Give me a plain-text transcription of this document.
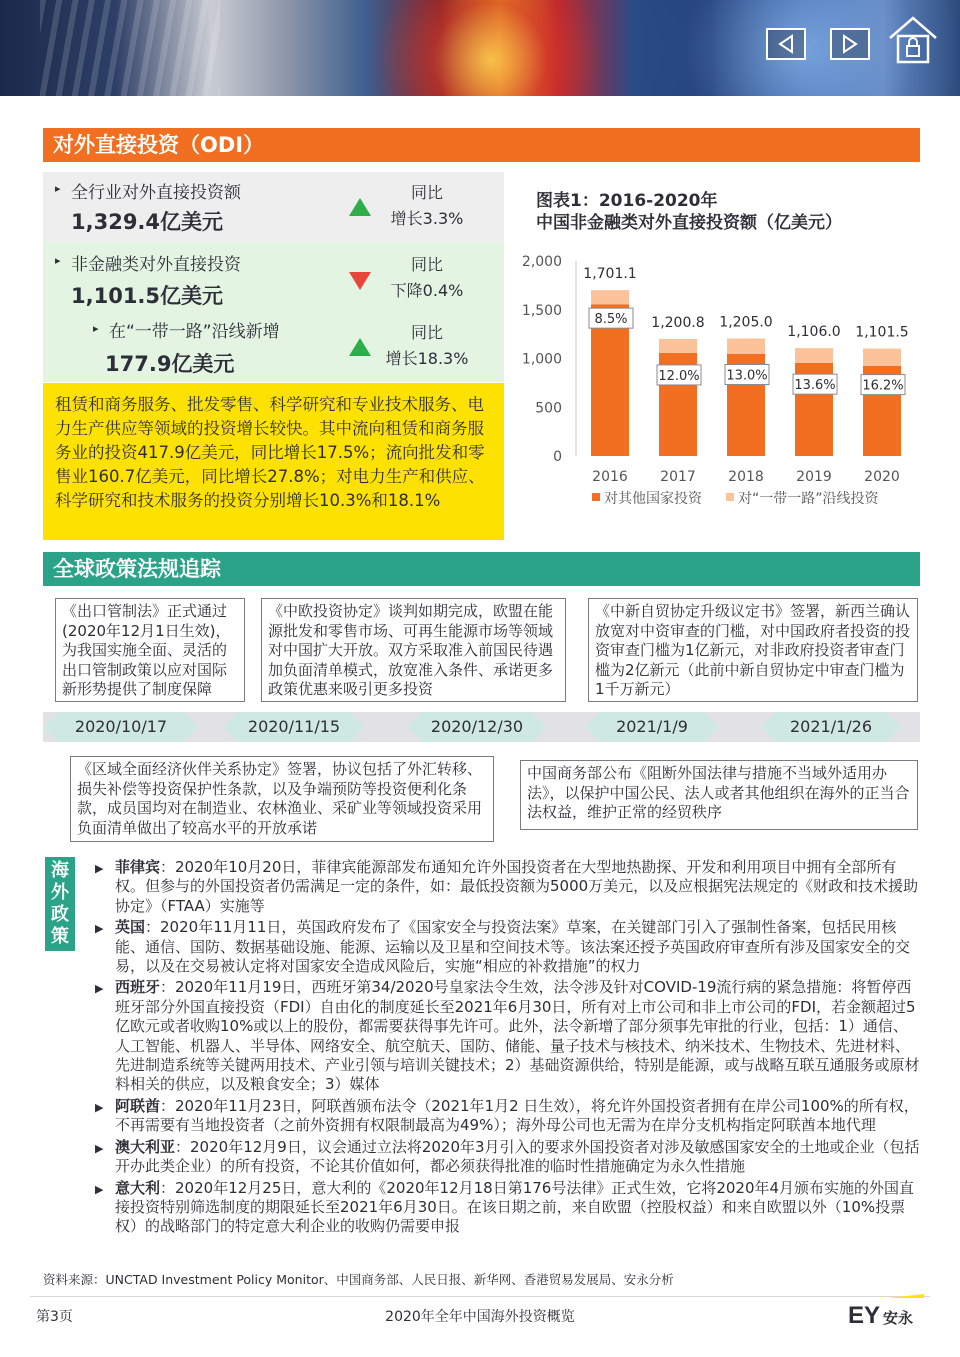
对外直接投资（ODI）
▸ 全行业对外直接投资额
1,329.4亿美元
同比
增长3.3%
▸ 非金融类对外直接投资
1,101.5亿美元
同比
下降0.4%
▸ 在“一带一路”沿线新增
177.9亿美元
同比
增长18.3%
租赁和商务服务、批发零售、科学研究和专业技术服务、电力生产供应等领域的投资增长较快。其中流向租赁和商务服务业的投资417.9亿美元，同比增长17.5%；流向批发和零售业160.7亿美元，同比增长27.8%；对电力生产和供应、科学研究和技术服务的投资分别增长10.3%和18.1%
图表1：2016-2020年
中国非金融类对外直接投资额（亿美元）
0
500
1,000
1,500
2,000
1,701.1
8.5%
2016
1,200.8
12.0%
2017
1,205.0
13.0%
2018
1,106.0
13.6%
2019
1,101.5
16.2%
2020
对其他国家投资	对“一带一路”沿线投资
全球政策法规追踪
《出口管制法》正式通过(2020年12月1日生效)，为我国实施全面、灵活的出口管制政策以应对国际新形势提供了制度保障
《中欧投资协定》谈判如期完成，欧盟在能源批发和零售市场、可再生能源市场等领域对中国扩大开放。双方采取准入前国民待遇加负面清单模式，放宽准入条件、承诺更多政策优惠来吸引更多投资
《中新自贸协定升级议定书》签署，新西兰确认放宽对中资审查的门槛，对中国政府者投资的投资审查门槛为1亿新元，对非政府投资者审查门槛为2亿新元（此前中新自贸协定中审查门槛为1千万新元）
2020/10/17	2020/11/15	2020/12/30	2021/1/9	2021/1/26
《区域全面经济伙伴关系协定》签署，协议包括了外汇转移、损失补偿等投资保护性条款，以及争端预防等投资便利化条款，成员国均对在制造业、农林渔业、采矿业等领域投资采用负面清单做出了较高水平的开放承诺
中国商务部公布《阻断外国法律与措施不当域外适用办法》，以保护中国公民、法人或者其他组织在海外的正当合法权益，维护正常的经贸秩序
海外政策
▶ 菲律宾：2020年10月20日，菲律宾能源部发布通知允许外国投资者在大型地热勘探、开发和利用项目中拥有全部所有权。但参与的外国投资者仍需满足一定的条件，如：最低投资额为5000万美元，以及应根据宪法规定的《财政和技术援助协定》（FTAA）实施等
▶ 英国：2020年11月11日，英国政府发布了《国家安全与投资法案》草案，在关键部门引入了强制性备案，包括民用核能、通信、国防、数据基础设施、能源、运输以及卫星和空间技术等。该法案还授予英国政府审查所有涉及国家安全的交易，以及在交易被认定将对国家安全造成风险后，实施“相应的补救措施”的权力
▶ 西班牙：2020年11月19日，西班牙第34/2020号皇家法令生效，法令涉及针对COVID-19流行病的紧急措施：将暂停西班牙部分外国直接投资（FDI）自由化的制度延长至2021年6月30日，所有对上市公司和非上市公司的FDI，若金额超过5亿欧元或者收购10%或以上的股份，都需要获得事先许可。此外，法令新增了部分须事先审批的行业，包括：1）通信、人工智能、机器人、半导体、网络安全、航空航天、国防、储能、量子技术与核技术、纳米技术、生物技术、先进材料、先进制造系统等关键两用技术、产业引领与培训关键技术；2）基础资源供给，特别是能源，或与战略互联互通服务或原材料相关的供应，以及粮食安全；3）媒体
▶ 阿联酋：2020年11月23日，阿联酋颁布法令（2021年1月2 日生效），将允许外国投资者拥有在岸公司100%的所有权，不再需要有当地投资者（之前外资拥有权限制最高为49%）；海外母公司也无需为在岸分支机构指定阿联酋本地代理
▶ 澳大利亚：2020年12月9日，议会通过立法将2020年3月引入的要求外国投资者对涉及敏感国家安全的土地或企业（包括开办此类企业）的所有投资，不论其价值如何，都必须获得批准的临时性措施确定为永久性措施
▶ 意大利：2020年12月25日，意大利的《2020年12月18日第176号法律》正式生效，它将2020年4月颁布实施的外国直接投资特别筛选制度的期限延长至2021年6月30日。在该日期之前，来自欧盟（控股权益）和来自欧盟以外（10%投票权）的战略部门的特定意大利企业的收购仍需要申报
资料来源：UNCTAD Investment Policy Monitor、中国商务部、人民日报、新华网、香港贸易发展局、安永分析
第3页	2020年全年中国海外投资概览	EY 安永
